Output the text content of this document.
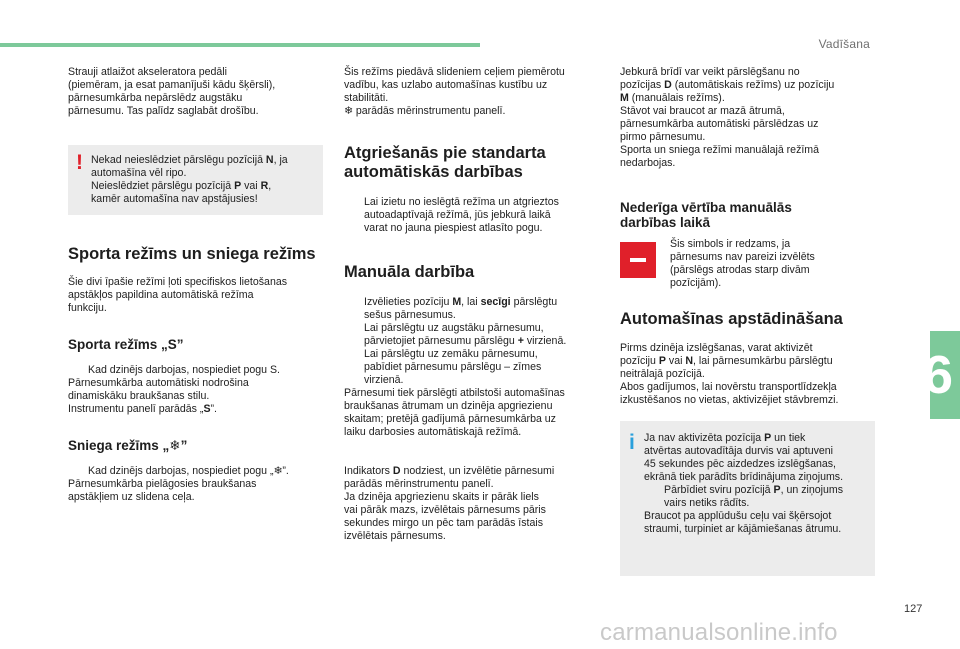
Vadīšana
6
127
carmanualsonline.info

Strauji atlaižot akseleratora pedāli
(piemēram, ja esat pamanījuši kādu šķērsli),
pārnesumkārba nepārslēdz augstāku
pārnesumu. Tas palīdz saglabāt drošību.

! Nekad neieslēdziet pārslēgu pozīcijā N, ja
automašīna vēl ripo.
Neieslēdziet pārslēgu pozīcijā P vai R,
kamēr automašīna nav apstājusies!

Sporta režīms un sniega režīms

Šie divi īpašie režīmi ļoti specifiskos lietošanas
apstākļos papildina automātiskā režīma
funkciju.

Sporta režīms „S”
Kad dzinējs darbojas, nospiediet pogu S.

Pārnesumkārba automātiski nodrošina
dinamiskāku braukšanas stilu.
Instrumentu panelī parādās „S”.

Sniega režīms „❄”
Kad dzinējs darbojas, nospiediet pogu „❄”.

Pārnesumkārba pielāgosies braukšanas
apstākļiem uz slidena ceļa.

Šis režīms piedāvā slideniem ceļiem piemērotu
vadību, kas uzlabo automašīnas kustību uz
stabilitāti.
❄ parādās mērinstrumentu panelī.

Atgriešanās pie standarta
automātiskās darbības
Lai izietu no ieslēgtā režīma un atgrieztos
autoadaptīvajā režīmā, jūs jebkurā laikā
varat no jauna piespiest atlasīto pogu.
Manuāla darbība
Izvēlieties pozīciju M, lai secīgi pārslēgtu
sešus pārnesumus.
Lai pārslēgtu uz augstāku pārnesumu,
pārvietojiet pārnesumu pārslēgu + virzienā.
Lai pārslēgtu uz zemāku pārnesumu,
pabīdiet pārnesumu pārslēgu – zīmes
virzienā.

Pārnesumi tiek pārslēgti atbilstoši automašīnas
braukšanas ātrumam un dzinēja apgriezienu
skaitam; pretējā gadījumā pārnesumkārba uz
laiku darbosies automātiskajā režīmā.

Indikators D nodziest, un izvēlētie pārnesumi
parādās mērinstrumentu panelī.
Ja dzinēja apgriezienu skaits ir pārāk liels
vai pārāk mazs, izvēlētais pārnesums pāris
sekundes mirgo un pēc tam parādās īstais
izvēlētais pārnesums.

Jebkurā brīdī var veikt pārslēgšanu no
pozīcijas D (automātiskais režīms) uz pozīciju
M (manuālais režīms).
Stāvot vai braucot ar mazā ātrumā,
pārnesumkārba automātiski pārslēdzas uz
pirmo pārnesumu.
Sporta un sniega režīmi manuālajā režīmā
nedarbojas.

Nederīga vērtība manuālās
darbības laikā

Šis simbols ir redzams, ja
pārnesums nav pareizi izvēlēts
(pārslēgs atrodas starp divām
pozīcijām).

Automašīnas apstādināšana

Pirms dzinēja izslēgšanas, varat aktivizēt
pozīciju P vai N, lai pārnesumkārbu pārslēgtu
neitrālajā pozīcijā.
Abos gadījumos, lai novērstu transportlīdzekļa
izkustēšanos no vietas, aktivizējiet stāvbremzi.

i Ja nav aktivizēta pozīcija P un tiek
atvērtas autovadītāja durvis vai aptuveni
45 sekundes pēc aizdedzes izslēgšanas,
ekrānā tiek parādīts brīdinājuma ziņojums.

Pārbīdiet sviru pozīcijā P, un ziņojums
vairs netiks rādīts.

Braucot pa applūdušu ceļu vai šķērsojot
straumi, turpiniet ar kājāmiešanas ātrumu.
